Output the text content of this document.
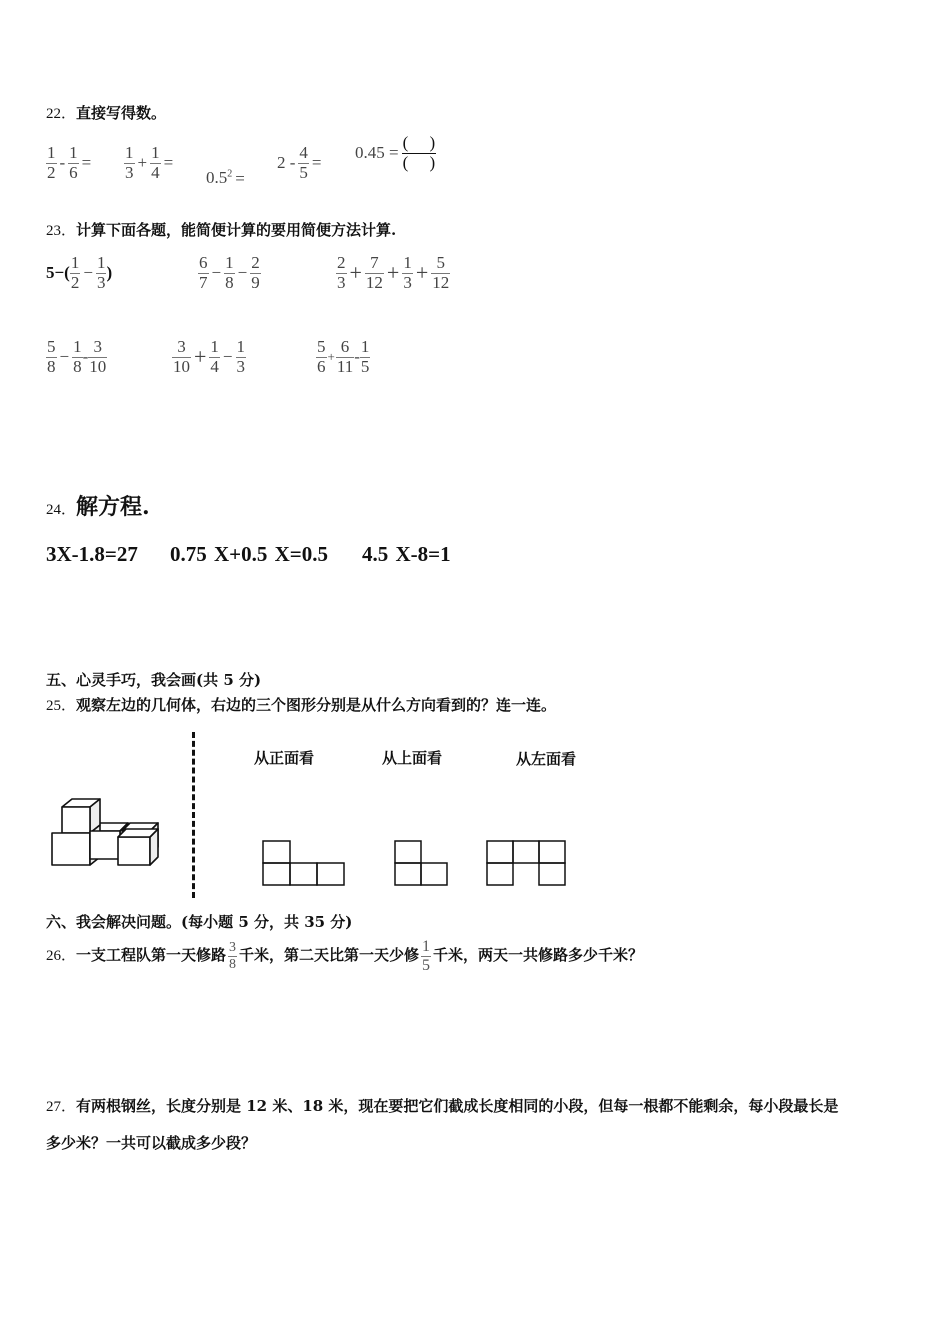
22．直接写得数。
$\frac{1}{2} - \frac{1}{6} = \frac{1}{3} + \frac{1}{4}$ =
$0.5^2$ =
$2 - \frac{4}{5}$ =
$0.45 = \frac{( )}{( )}$
23．计算下面各题，能简便计算的要用简便方法计算.
$5-( \frac{1}{2} - \frac{1}{3}$ )	$\frac{6}{7} - \frac{1}{8} - \frac{2}{9}$	$\frac{2}{3} + \frac{7}{12} + \frac{1}{3} + \frac{5}{12}$
$\frac{5}{8} - \frac{1}{8} - \frac{3}{10}$	$\frac{3}{10} + \frac{1}{4} - \frac{1}{3}$	$\frac{5}{6} + \frac{6}{11} - \frac{1}{5}$
24．解方程.
3X-1.8=27 0.75 X+0.5 X=0.5 4.5 X-8=1
五、心灵手巧，我会画(共 5 分)
25．观察左边的几何体，右边的三个图形分别是从什么方向看到的？连一连。
从正面看	从上面看	从左面看
六、我会解决问题。(每小题 5 分，共 35 分)
26．一支工程队第一天修路 $\frac{3}{8}$ 千米，第二天比第一天少修 $\frac{1}{5}$ 千米，两天一共修路多少千米？
27．有两根钢丝，长度分别是 12 米、18 米，现在要把它们截成长度相同的小段，但每一根都不能剩余，每小段最长是
多少米？一共可以截成多少段？
